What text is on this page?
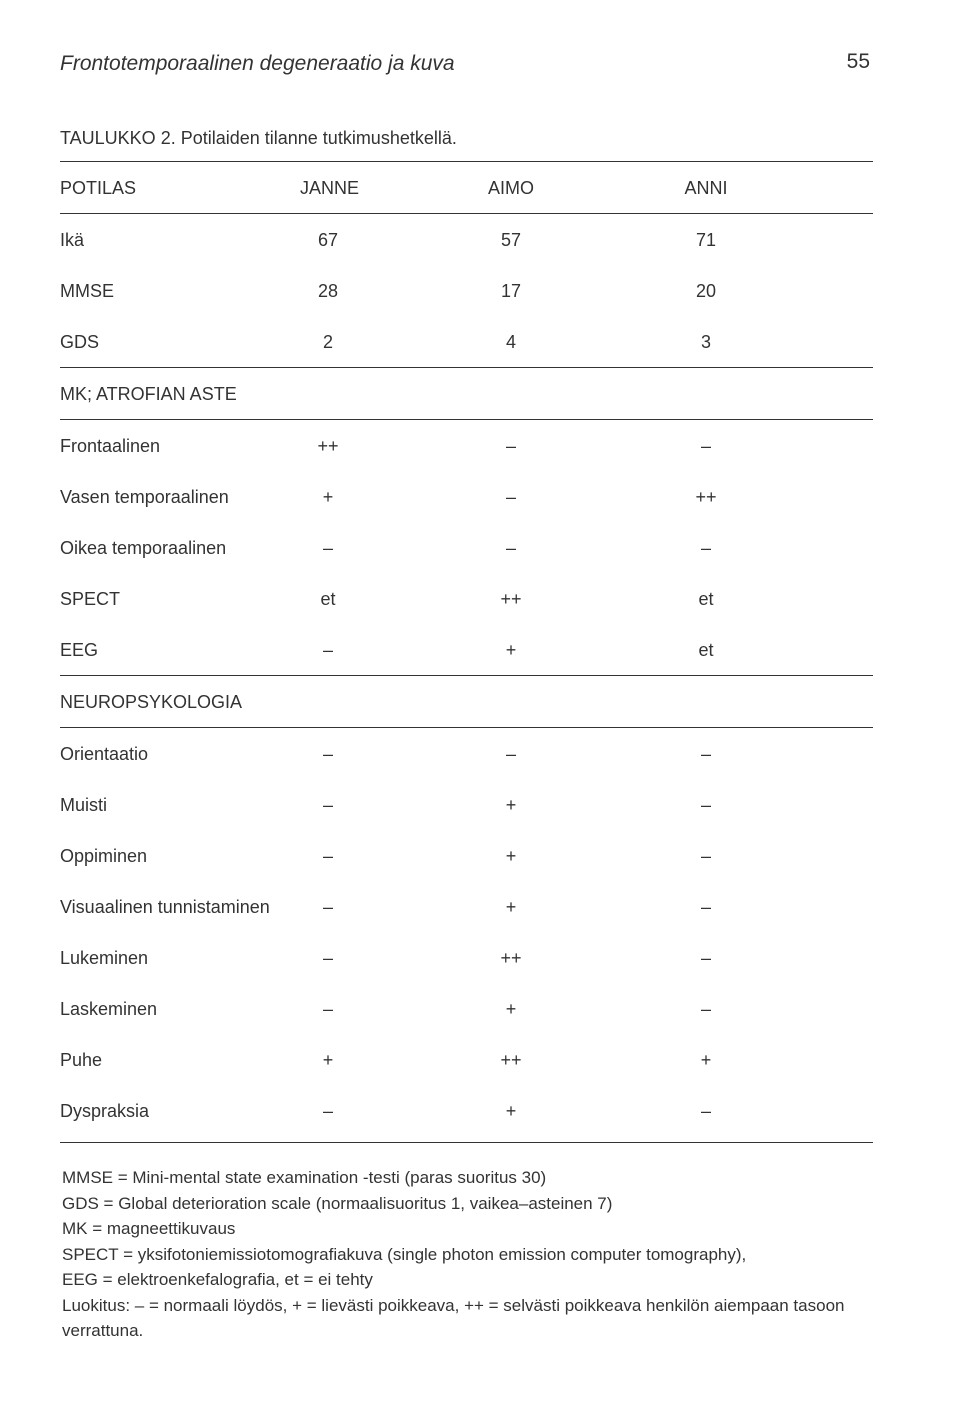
Frontotemporaalinen degeneraatio ja kuva	55
TAULUKKO 2. Potilaiden tilanne tutkimushetkellä.
POTILAS	JANNE	AIMO	ANNI
Ikä	67	57	71
MMSE	28	17	20
GDS	2	4	3
MK; ATROFIAN ASTE
Frontaalinen	++	–	–
Vasen temporaalinen	+	–	++
Oikea temporaalinen	–	–	–
SPECT	et	++	et
EEG	–	+	et
NEUROPSYKOLOGIA
Orientaatio	–	–	–
Muisti	–	+	–
Oppiminen	–	+	–
Visuaalinen tunnistaminen	–	+	–
Lukeminen	–	++	–
Laskeminen	–	+	–
Puhe	+	++	+
Dyspraksia	–	+	–
MMSE = Mini-mental state examination -testi (paras suoritus 30)
GDS = Global deterioration scale (normaalisuoritus 1, vaikea–asteinen 7)
MK = magneettikuvaus
SPECT = yksifotoniemissiotomografiakuva (single photon emission computer tomography),
EEG = elektroenkefalografia, et = ei tehty
Luokitus: – = normaali löydös, + = lievästi poikkeava, ++ = selvästi poikkeava henkilön aiempaan tasoon verrattuna.
